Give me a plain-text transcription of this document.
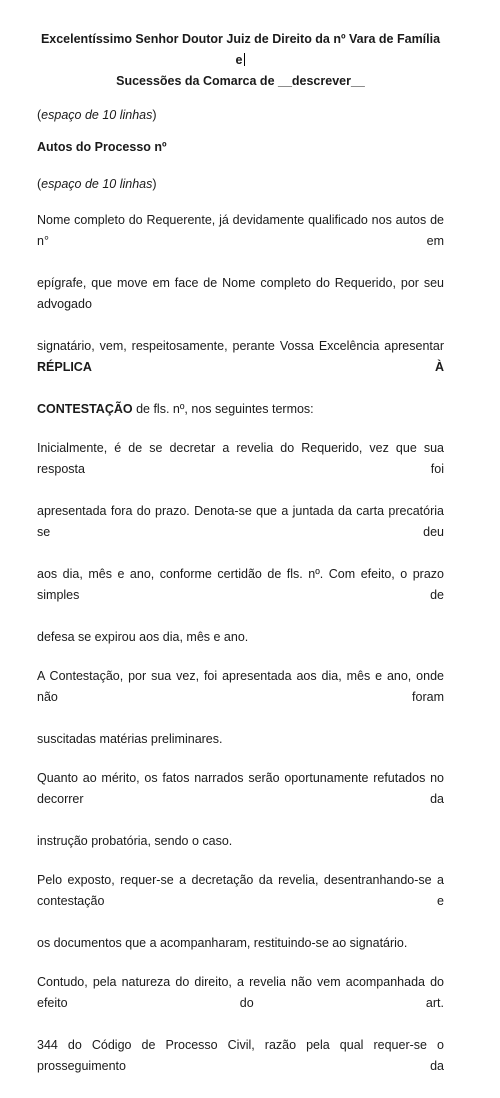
Excelentíssimo Senhor Doutor Juiz de Direito da nº Vara de Família e
Sucessões da Comarca de __descrever__

(espaço de 10 linhas)

Autos do Processo nº

(espaço de 10 linhas)

Nome completo do Requerente, já devidamente qualificado nos autos de n° em

epígrafe, que move em face de Nome completo do Requerido, por seu advogado

signatário, vem, respeitosamente, perante Vossa Excelência apresentar RÉPLICA À

CONTESTAÇÃO de fls. nº, nos seguintes termos:

Inicialmente, é de se decretar a revelia do Requerido, vez que sua resposta foi

apresentada fora do prazo. Denota-se que a juntada da carta precatória se deu

aos dia, mês e ano, conforme certidão de fls. nº. Com efeito, o prazo simples de

defesa se expirou aos dia, mês e ano.

A Contestação, por sua vez, foi apresentada aos dia, mês e ano, onde não foram

suscitadas matérias preliminares.

Quanto ao mérito, os fatos narrados serão oportunamente refutados no decorrer da

instrução probatória, sendo o caso.

Pelo exposto, requer-se a decretação da revelia, desentranhando-se a contestação e

os documentos que a acompanharam, restituindo-se ao signatário.

Contudo, pela natureza do direito, a revelia não vem acompanhada do efeito do art.

344 do Código de Processo Civil, razão pela qual requer-se o prosseguimento da
